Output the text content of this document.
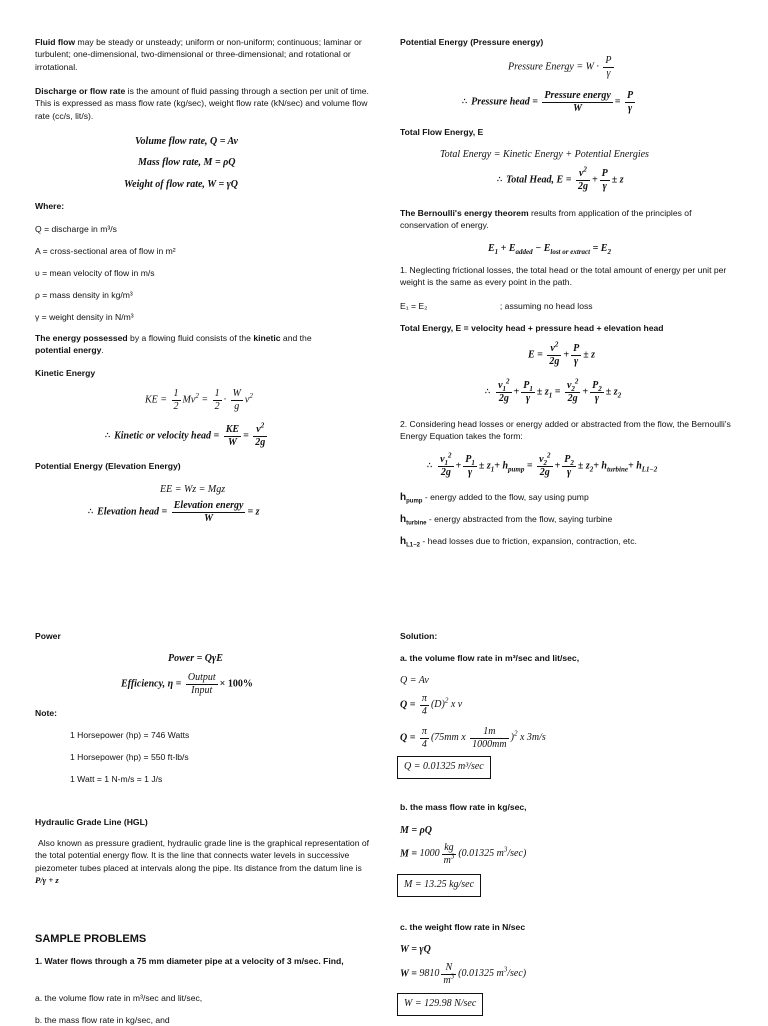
Fluid flow may be steady or unsteady; uniform or non-uniform; continuous; laminar or turbulent; one-dimensional, two-dimensional or three-dimensional; and rotational or irrotational.

Discharge or flow rate is the amount of fluid passing through a section per unit of time. This is expressed as mass flow rate (kg/sec), weight flow rate (kN/sec) and volume flow rate (cc/s, lit/s).

Volume flow rate, Q = Av
Mass flow rate, M = ρQ
Weight of flow rate, W = γQ

Where:

Q = discharge in m³/s

A = cross-sectional area of flow in m²

υ = mean velocity of flow in m/s

ρ = mass density in kg/m³

γ = weight density in N/m³

The energy possessed by a flowing fluid consists of the kinetic and the
potential energy.

Kinetic Energy

KE = $\frac{1}{2} Mv^2 = \frac{1}{2} \cdot \frac{W}{g} v^2$
∴ Kinetic or velocity head = $\frac{KE}{W} = \frac{v^2}{2g}$

Potential Energy (Elevation Energy)

EE = Wz = Mgz
∴ Elevation head = $\frac{\text{Elevation energy}}{W} = z$

Potential Energy (Pressure energy)

Pressure Energy = $W \cdot \frac{P}{\gamma}$
∴ Pressure head = $\frac{\text{Pressure energy}}{W} = \frac{P}{\gamma}$

Total Flow Energy, E

Total Energy = Kinetic Energy + Potential Energies
∴ Total Head, $E = \frac{v^2}{2g} + \frac{P}{\gamma} \pm z$

The Bernoulli's energy theorem results from application of the principles of conservation of energy.

$E_1 + E_{added} - E_{lost or extract} = E_2$

1. Neglecting frictional losses, the total head or the total amount of energy per unit per weight is the same as every point in the path.

E₁ = E₂	; assuming no head loss

Total Energy, E = velocity head + pressure head + elevation head

$E = \frac{v^2}{2g} + \frac{P}{\gamma} \pm z$
∴ $\frac{v_1^2}{2g} + \frac{P_1}{\gamma} \pm z_1 = \frac{v_2^2}{2g} + \frac{P_2}{\gamma} \pm z_2$

2. Considering head losses or energy added or abstracted from the flow, the Bernoulli's Energy Equation takes the form:

∴ $\frac{v_1^2}{2g} + \frac{P_1}{\gamma} \pm z_1+ h_{pump} = \frac{v_2^2}{2g} + \frac{P_2}{\gamma} \pm z_2+ h_{turbine}+ h_{L1-2}$

$h_{pump}$ - energy added to the flow, say using pump

$h_{turbine}$ - energy abstracted from the flow, saying turbine

$h_{L1-2}$ - head losses due to friction, expansion, contraction, etc.

Power

Power = QγE
Efficiency, $\eta = \frac{\text{Output}}{\text{Input}} \times 100\%$

Note:

1 Horsepower (hp) = 746 Watts

1 Horsepower (hp) = 550 ft-lb/s

1 Watt = 1 N-m/s = 1 J/s

Hydraulic Grade Line (HGL)

Also known as pressure gradient, hydraulic grade line is the graphical representation of the total potential energy flow. It is the line that connects water levels in successive piezometer tubes placed at intervals along the pipe. Its distance from the datum line is P/γ + z

SAMPLE PROBLEMS

1. Water flows through a 75 mm diameter pipe at a velocity of 3 m/sec. Find,

a. the volume flow rate in m³/sec and lit/sec,

b. the mass flow rate in kg/sec, and

Solution:

a. the volume flow rate in m³/sec and lit/sec,

Q = Av
$Q = \frac{\pi}{4} (D)^2$ x v
$Q = \frac{\pi}{4} (75mm$ x $\frac{1m}{1000mm} )^2$ x 3m/s
Q = 0.01325 m³/sec

b. the mass flow rate in kg/sec,

M = ρQ
$M = 1000 \frac{kg}{m^3} (0.01325$ $m^3/\sec$)
M = 13.25 kg/sec

c. the weight flow rate in N/sec

W = γQ
$W = 9810 \frac{N}{m^3} (0.01325$ $m^3/\sec$)
W = 129.98 N/sec
